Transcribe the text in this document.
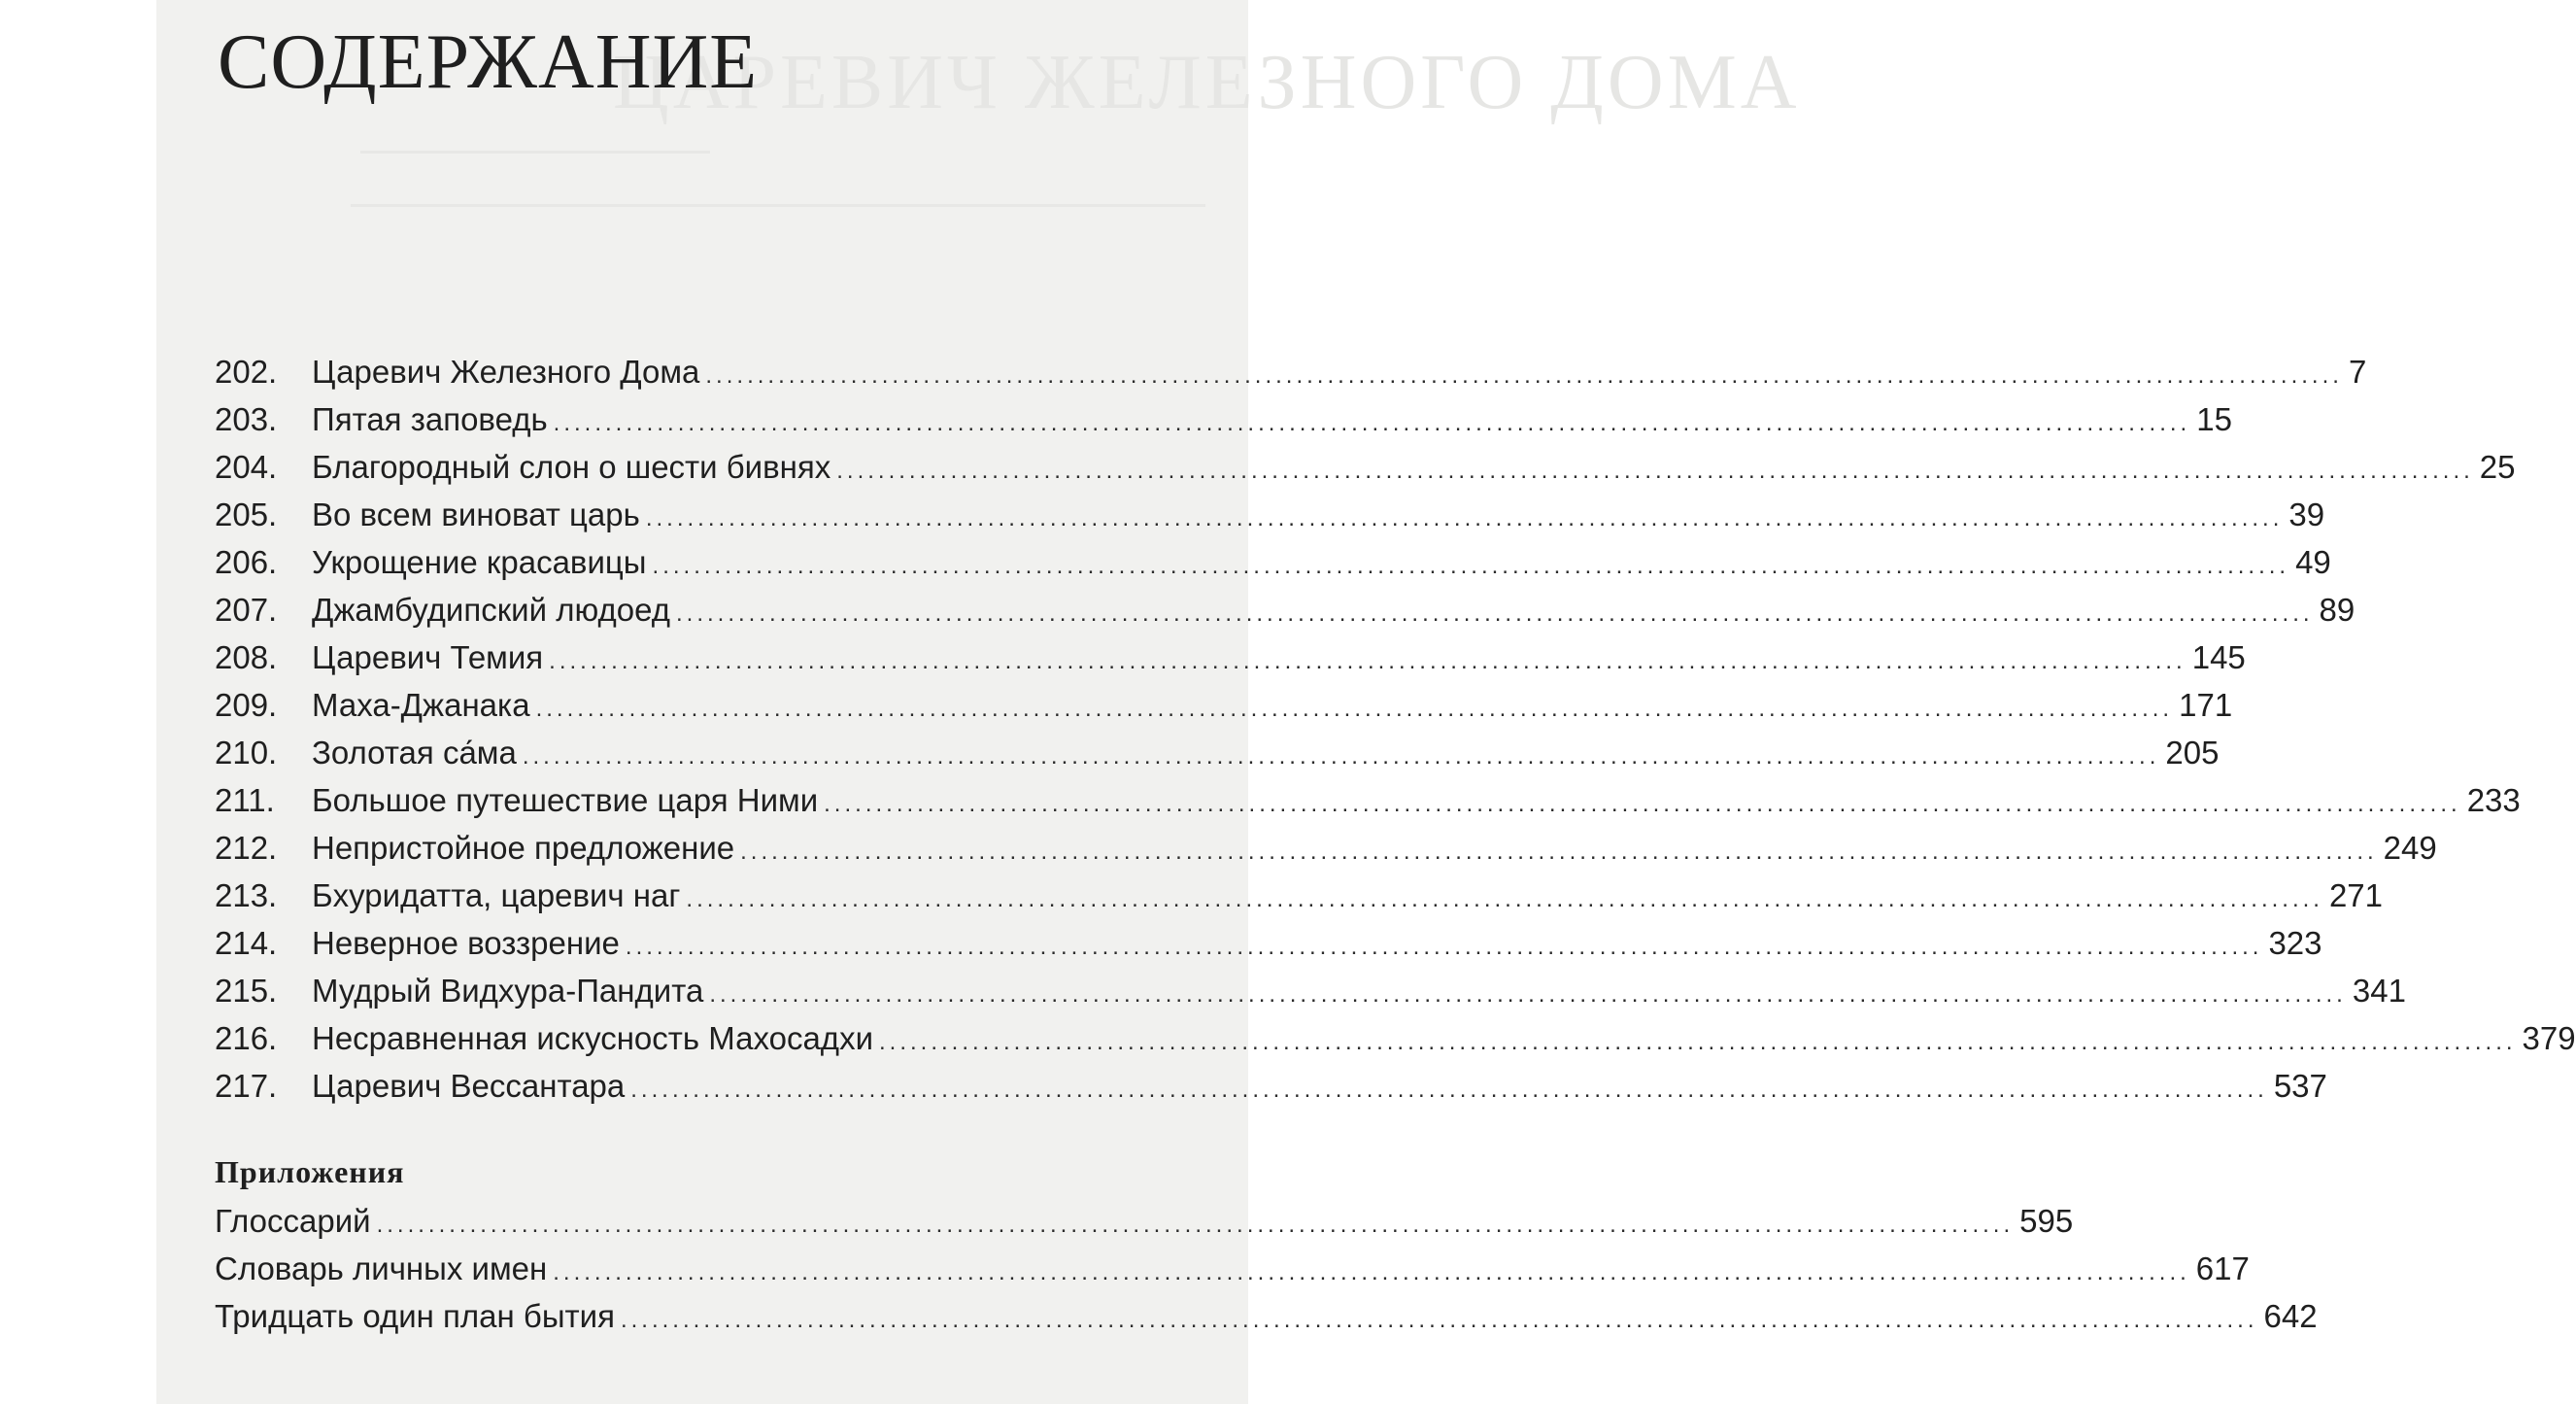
ЦАРЕВИЧ ЖЕЛЕЗНОГО ДОМА
СОДЕРЖАНИЕ
202.	Царевич Железного Дома .............................................................................................................................................................. 7
203.	Пятая заповедь .............................................................................................................................................................. 15
204.	Благородный слон о шести бивнях .............................................................................................................................................................. 25
205.	Во всем виноват царь .............................................................................................................................................................. 39
206.	Укрощение красавицы .............................................................................................................................................................. 49
207.	Джамбудипский людоед .............................................................................................................................................................. 89
208.	Царевич Темия .............................................................................................................................................................. 145
209.	Маха-Джанака .............................................................................................................................................................. 171
210.	Золотая са́ма .............................................................................................................................................................. 205
211.	Большое путешествие царя Ними .............................................................................................................................................................. 233
212.	Непристойное предложение .............................................................................................................................................................. 249
213.	Бхуридатта, царевич наг .............................................................................................................................................................. 271
214.	Неверное воззрение .............................................................................................................................................................. 323
215.	Мудрый Видхура-Пандита .............................................................................................................................................................. 341
216.	Несравненная искусность Махосадхи .............................................................................................................................................................. 379
217.	Царевич Вессантара .............................................................................................................................................................. 537
Приложения
Глоссарий .............................................................................................................................................................. 595
Словарь личных имен .............................................................................................................................................................. 617
Тридцать один план бытия .............................................................................................................................................................. 642
